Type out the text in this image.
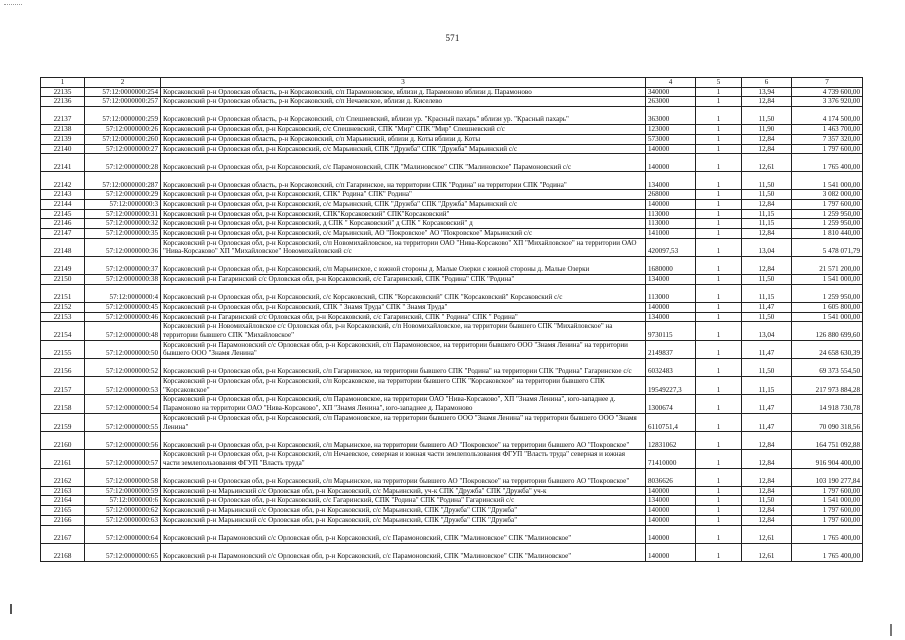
571
1	2	3	4	5	6	7
22135	57:12:0000000:254	Корсаковский р-н Орловская область, р-н Корсаковский, с/п Парамоновское, вблизи д. Парамоново вблизи д. Парамоново	340000	1	13,94	4 739 600,00
22136	57:12:0000000:257	Корсаковский р-н Орловская область, р-н Корсаковский, с/п Нечаевское, вблизи д. Киселево	263000	1	12,84	3 376 920,00
22137	57:12:0000000:259	Корсаковский р-н Орловская область, р-н Корсаковский, с/п Спешневский, вблизи ур. "Красный пахарь" вблизи ур. "Красный пахарь"	363000	1	11,50	4 174 500,00
22138	57:12:0000000:26	Корсаковский р-н Орловская обл, р-н Корсаковский, с/с Спешневский, СПК "Мир" СПК "Мир" Спешневский с/с	123000	1	11,90	1 463 700,00
22139	57:12:0000000:260	Корсаковский р-н Орловская область, р-н Корсаковский, с/п Марьинский, вблизи д. Коты вблизи д. Коты	573000	1	12,84	7 357 320,00
22140	57:12:0000000:27	Корсаковский р-н Орловская обл, р-н Корсаковский, с/с Марьинский, СПК "Дружба" СПК "Дружба" Марьинский с/с	140000	1	12,84	1 797 600,00
22141	57:12:0000000:28	Корсаковский р-н Орловская обл, р-н Корсаковский, с/с Парамоновский, СПК "Малиновское" СПК "Малиновское" Парамоновский с/с	140000	1	12,61	1 765 400,00
22142	57:12:0000000:287	Корсаковский р-н Орловская область, р-н Корсаковский, с/п Гагаринское, на территории СПК "Родина" на территории СПК "Родина"	134000	1	11,50	1 541 000,00
22143	57:12:0000000:29	Корсаковский р-н Орловская обл, р-н Корсаковский, СПК" Родина" СПК" Родина"	268000	1	11,50	3 082 000,00
22144	57:12:0000000:3	Корсаковский р-н Орловская обл, р-н Корсаковский, с/с Марьинский, СПК "Дружба" СПК "Дружба" Марьинский с/с	140000	1	12,84	1 797 600,00
22145	57:12:0000000:31	Корсаковский р-н Орловская обл, р-н Корсаковский, СПК"Корсаковский" СПК"Корсаковский"	113000	1	11,15	1 259 950,00
22146	57:12:0000000:32	Корсаковский р-н Орловская обл, р-н Корсаковский, д СПК " Корсаковский" д СПК " Корсаковский" д	113000	1	11,15	1 259 950,00
22147	57:12:0000000:35	Корсаковский р-н Орловская обл, р-н Корсаковский, с/с Марьинский, АО "Покровское" АО "Покровское" Марьинский с/с	141000	1	12,84	1 810 440,00
22148	57:12:0000000:36	Корсаковский р-н Орловская обл, р-н Корсаковский, с/п Новомихайловское, на территории ОАО "Нива-Корсаково" ХП "Михайловское" на территории ОАО "Нива-Корсаково" ХП "Михайловское" Новомихайловский с/с	420097,53	1	13,04	5 478 071,79
22149	57:12:0000000:37	Корсаковский р-н Орловская обл, р-н Корсаковский, с/п Марьинское, с южной стороны д. Малые Озерки с южной стороны д. Малые Озерки	1680000	1	12,84	21 571 200,00
22150	57:12:0000000:38	Корсаковский р-н Гагаринский с/с Орловская обл, р-н Корсаковский, с/с Гагаринский, СПК "Родина" СПК "Родина"	134000	1	11,50	1 541 000,00
22151	57:12:0000000:4	Корсаковский р-н Орловская обл, р-н Корсаковский, с/с Корсаковский, СПК "Корсаковский" СПК "Корсаковский" Корсаковский с/с	113000	1	11,15	1 259 950,00
22152	57:12:0000000:45	Корсаковский р-н Орловская обл, р-н Корсаковский, СПК " Знамя Труда" СПК " Знамя Труда"	140000	1	11,47	1 605 800,00
22153	57:12:0000000:46	Корсаковский р-н Гагаринский с/с Орловская обл, р-н Корсаковский, с/с Гагаринский, СПК " Родина" СПК " Родина"	134000	1	11,50	1 541 000,00
22154	57:12:0000000:48	Корсаковский р-н Новомихайловское с/с Орловская обл, р-н Корсаковский, с/п Новомихайловское, на территории бывшего СПК "Михайловское" на территории бывшего СПК "Михайловское"	9730115	1	13,04	126 880 699,60
22155	57:12:0000000:50	Корсаковский р-н Парамоновский с/с Орловская обл, р-н Корсаковский, с/п Парамоновское, на территории бывшего ООО "Знамя Ленина" на территории бывшего ООО "Знамя Ленина"	2149837	1	11,47	24 658 630,39
22156	57:12:0000000:52	Корсаковский р-н Орловская обл, р-н Корсаковский, с/п Гагаринское, на территории бывшего СПК "Родина" на территории СПК "Родина" Гагаринское с/с	6032483	1	11,50	69 373 554,50
22157	57:12:0000000:53	Корсаковский р-н Орловская обл, р-н Корсаковский, с/п Корсаковское, на территории бывшего СПК "Корсаковское" на территории бывшего СПК "Корсаковское"	19549227,3	1	11,15	217 973 884,28
22158	57:12:0000000:54	Корсаковский р-н Орловская обл, р-н Корсаковский, с/п Парамоновское, на территории ОАО "Нива-Корсаково", ХП "Знамя Ленина", юго-западнее д. Парамоново на территории ОАО "Нива-Корсаково", ХП "Знамя Ленина", юго-западнее д. Парамоново	1300674	1	11,47	14 918 730,78
22159	57:12:0000000:55	Корсаковский р-н Орловская обл, р-н Корсаковский, с/п Парамоновское, на территории бывшего ООО "Знамя Ленина" на территории бывшего ООО "Знамя Ленина"	6110751,4	1	11,47	70 090 318,56
22160	57:12:0000000:56	Корсаковский р-н Орловская обл, р-н Корсаковский, с/п Марьинское, на территории бывшего АО "Покровское" на территории бывшего АО "Покровское"	12831062	1	12,84	164 751 092,88
22161	57:12:0000000:57	Корсаковский р-н Орловская обл, р-н Корсаковский, с/п Нечаевское, северная и южная части землепользования ФГУП "Власть труда" северная и южная части землепользования ФГУП "Власть труда"	71410000	1	12,84	916 904 400,00
22162	57:12:0000000:58	Корсаковский р-н Орловская обл, р-н Корсаковский, с/п Марьинское, на территории бывшего АО "Покровское" на территории бывшего АО "Покровское"	8036626	1	12,84	103 190 277,84
22163	57:12:0000000:59	Корсаковский р-н Марьинский с/с Орловская обл, р-н Корсаковский, с/с Марьинский, уч-к СПК "Дружба" СПК "Дружба" уч-к	140000	1	12,84	1 797 600,00
22164	57:12:0000000:6	Корсаковский р-н Орловская обл, р-н Корсаковский, с/с Гагаринский, СПК "Родина" СПК "Родина" Гагаринский с/с	134000	1	11,50	1 541 000,00
22165	57:12:0000000:62	Корсаковский р-н Марьинский с/с Орловская обл, р-н Корсаковский, с/с Марьинский, СПК "Дружба" СПК "Дружба"	140000	1	12,84	1 797 600,00
22166	57:12:0000000:63	Корсаковский р-н Марьинский с/с Орловская обл, р-н Корсаковский, с/с Марьинский, СПК "Дружба" СПК "Дружба"	140000	1	12,84	1 797 600,00
22167	57:12:0000000:64	Корсаковский р-н Парамоновский с/с Орловская обл, р-н Корсаковский, с/с Парамоновский, СПК "Малиновское" СПК "Малиновское"	140000	1	12,61	1 765 400,00
22168	57:12:0000000:65	Корсаковский р-н Парамоновский с/с Орловская обл, р-н Корсаковский, с/с Парамоновский, СПК "Малиновское" СПК "Малиновское"	140000	1	12,61	1 765 400,00
